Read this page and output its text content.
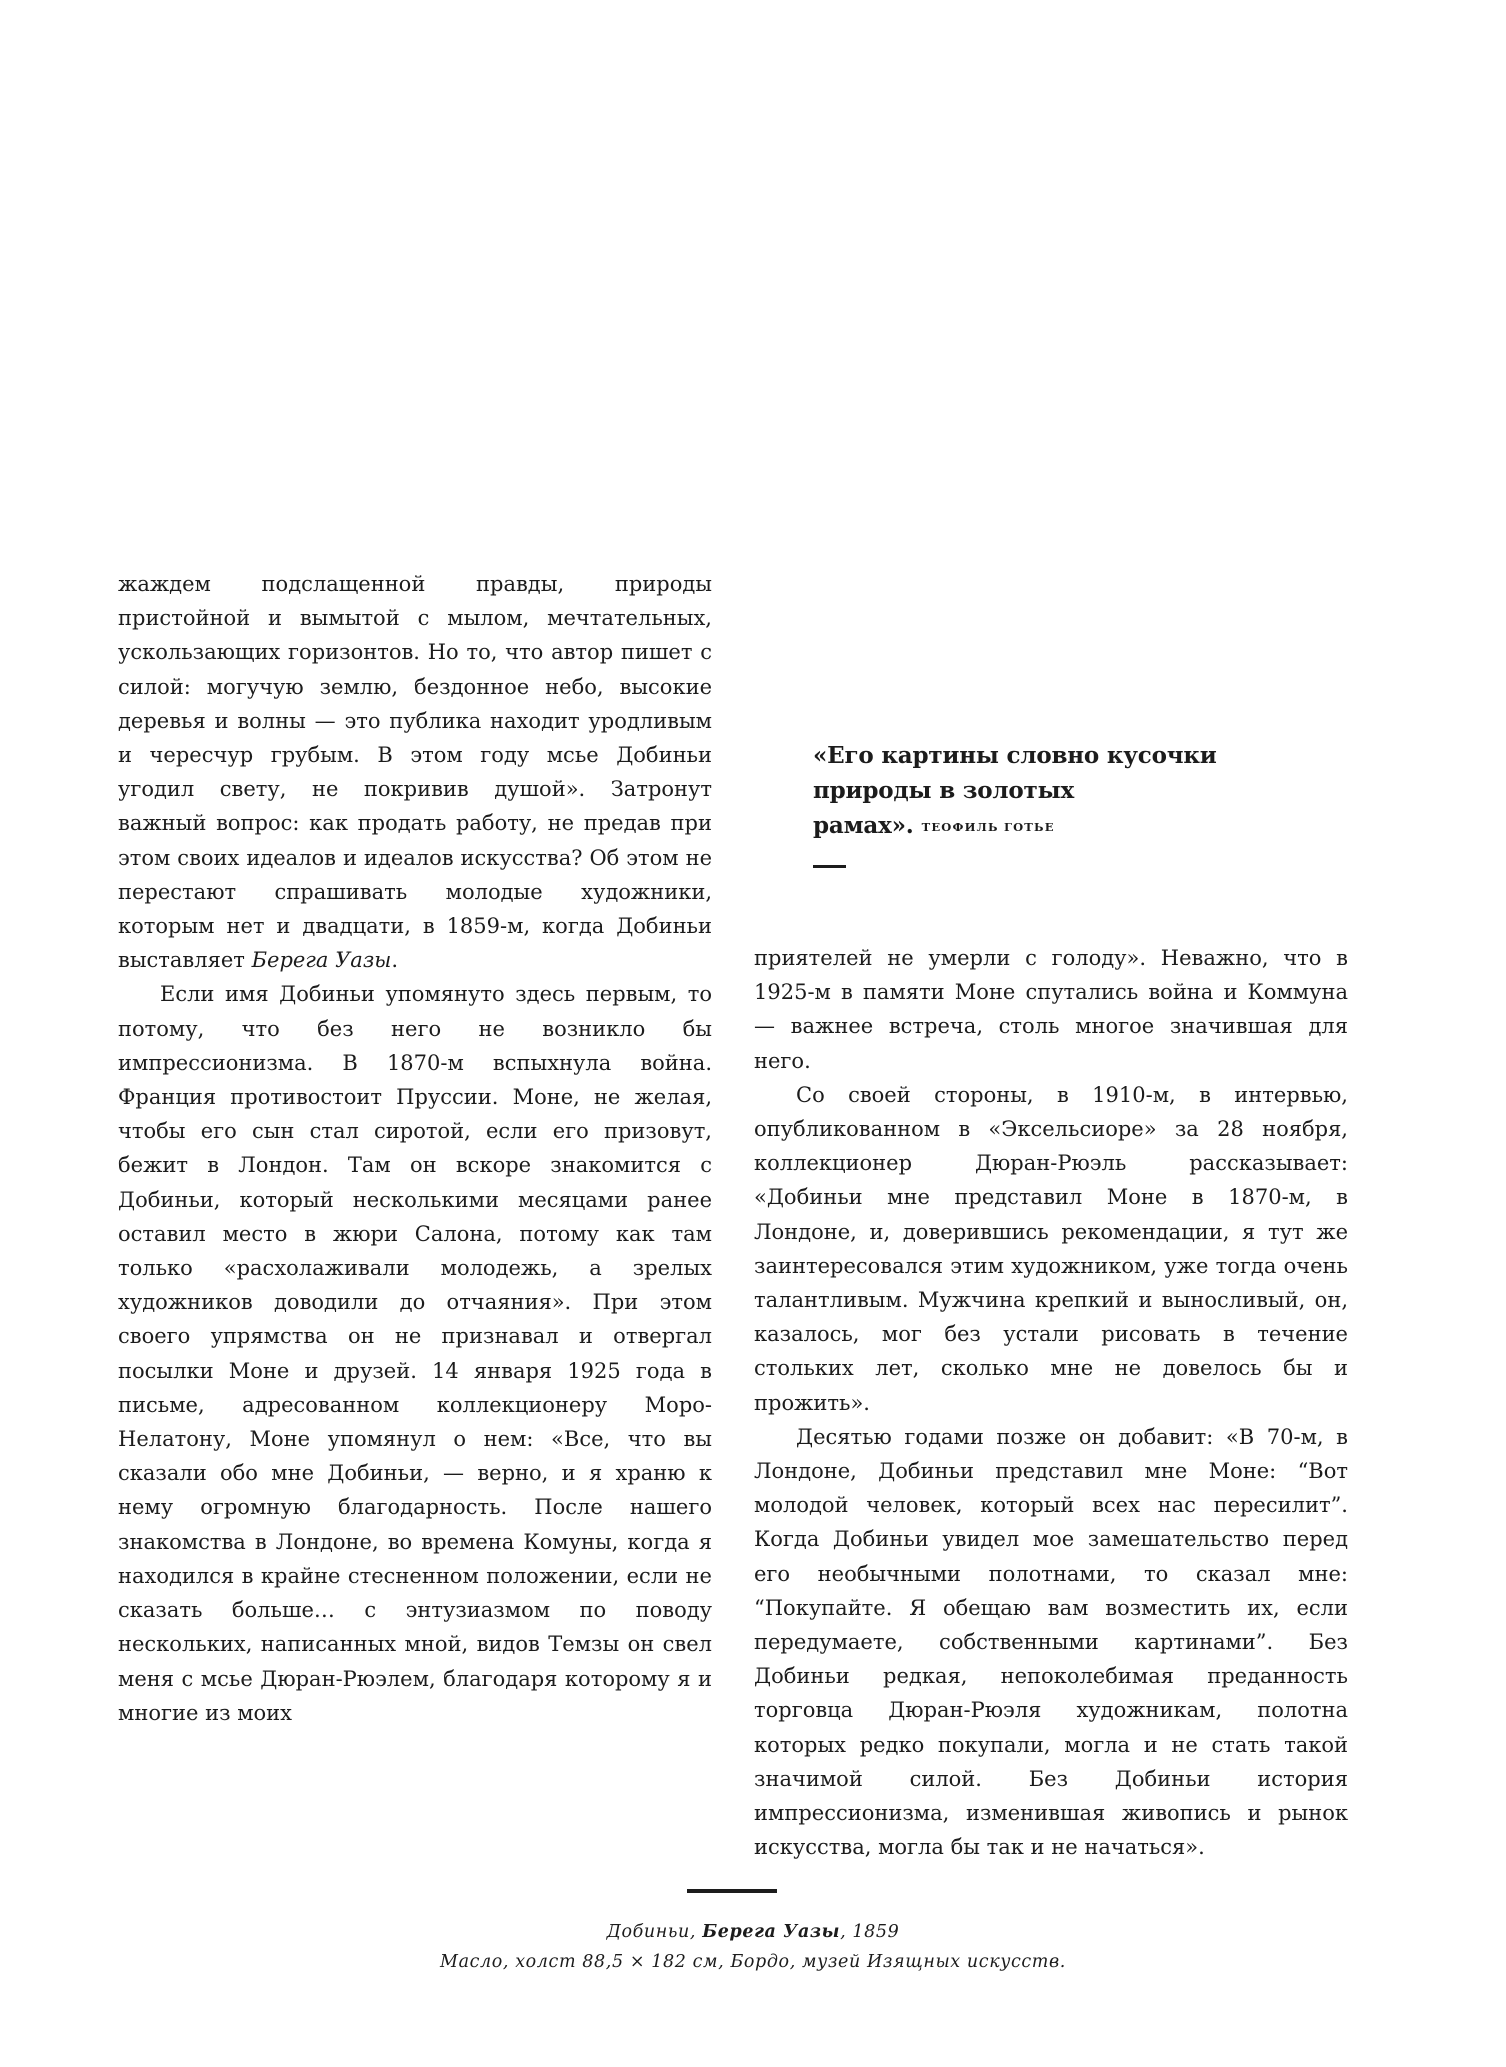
жаждем подслащенной правды, природы пристойной и вымытой с мылом, мечтательных, ускользающих горизонтов. Но то, что автор пишет с силой: могучую землю, бездонное небо, высокие деревья и волны — это публика находит уродливым и чересчур грубым. В этом году мсье Добиньи угодил свету, не покривив душой». Затронут важный вопрос: как продать работу, не предав при этом своих идеалов и идеалов искусства? Об этом не перестают спрашивать молодые художники, которым нет и двадцати, в 1859-м, когда Добиньи выставляет Берега Уазы.

Если имя Добиньи упомянуто здесь первым, то потому, что без него не возникло бы импрессионизма. В 1870-м вспыхнула война. Франция противостоит Пруссии. Моне, не желая, чтобы его сын стал сиротой, если его призовут, бежит в Лондон. Там он вскоре знакомится с Добиньи, который несколькими месяцами ранее оставил место в жюри Салона, потому как там только «расхолаживали молодежь, а зрелых художников доводили до отчаяния». При этом своего упрямства он не признавал и отвергал посылки Моне и друзей. 14 января 1925 года в письме, адресованном коллекционеру Моро-Нелатону, Моне упомянул о нем: «Все, что вы сказали обо мне Добиньи, — верно, и я храню к нему огромную благодарность. После нашего знакомства в Лондоне, во времена Комуны, когда я находился в крайне стесненном положении, если не сказать больше… с энтузиазмом по поводу нескольких, написанных мной, видов Темзы он свел меня с мсье Дюран-Рюэлем, благодаря которому я и многие из моих

«Его картины словно кусочки природы в золотых рамах». ТЕОФИЛЬ ГОТЬЕ

приятелей не умерли с голоду». Неважно, что в 1925-м в памяти Моне спутались война и Коммуна — важнее встреча, столь многое значившая для него.

Со своей стороны, в 1910-м, в интервью, опубликованном в «Эксельсиоре» за 28 ноября, коллекционер Дюран-Рюэль рассказывает: «Добиньи мне представил Моне в 1870-м, в Лондоне, и, доверившись рекомендации, я тут же заинтересовался этим художником, уже тогда очень талантливым. Мужчина крепкий и выносливый, он, казалось, мог без устали рисовать в течение стольких лет, сколько мне не довелось бы и прожить».

Десятью годами позже он добавит: «В 70-м, в Лондоне, Добиньи представил мне Моне: “Вот молодой человек, который всех нас пересилит”. Когда Добиньи увидел мое замешательство перед его необычными полотнами, то сказал мне: “Покупайте. Я обещаю вам возместить их, если передумаете, собственными картинами”. Без Добиньи редкая, непоколебимая преданность торговца Дюран-Рюэля художникам, полотна которых редко покупали, могла и не стать такой значимой силой. Без Добиньи история импрессионизма, изменившая живопись и рынок искусства, могла бы так и не начаться».

Добиньи, Берега Уазы, 1859
Масло, холст 88,5 × 182 см, Бордо, музей Изящных искусств.
